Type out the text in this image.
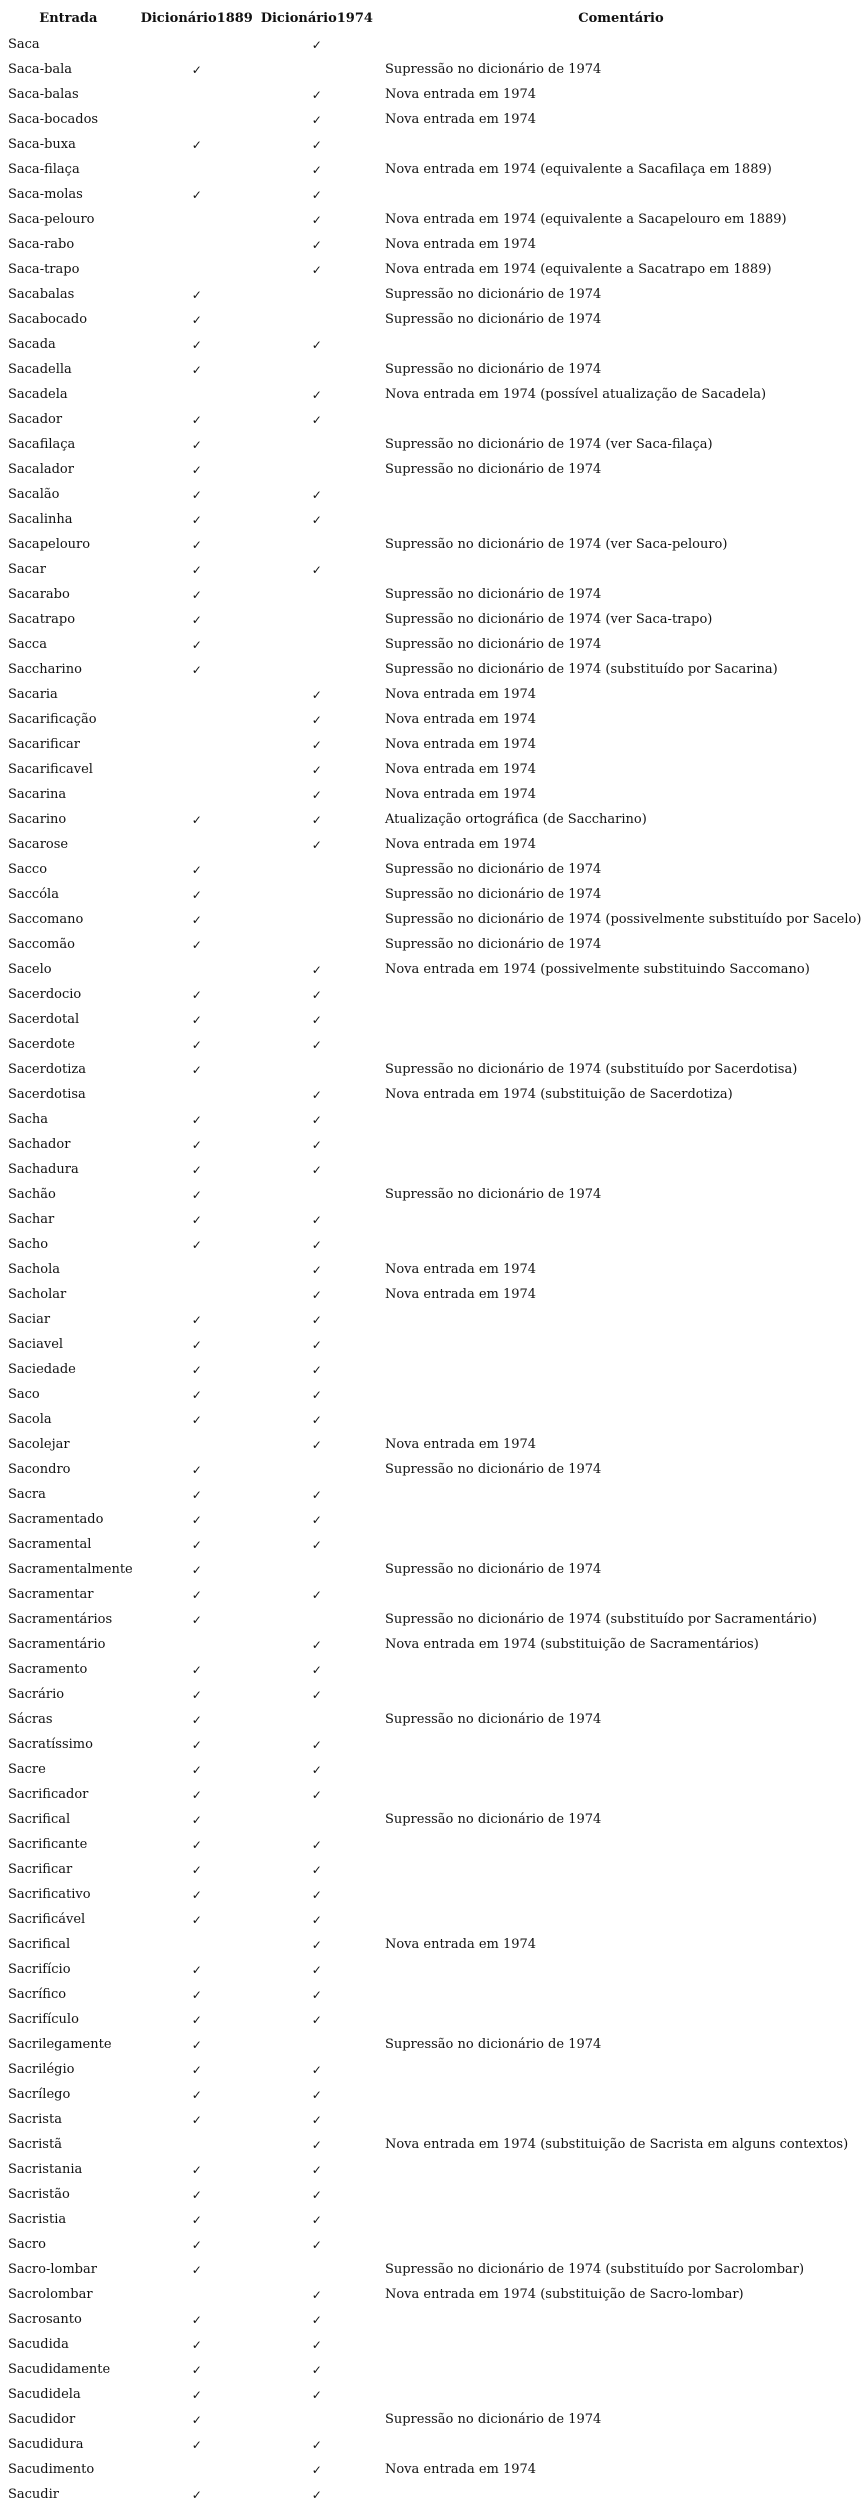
Entrada	Dicionário1889	Dicionário1974	Comentário
Saca		✓	
Saca-bala	✓		Supressão no dicionário de 1974
Saca-balas		✓	Nova entrada em 1974
Saca-bocados		✓	Nova entrada em 1974
Saca-buxa	✓	✓	
Saca-filaça		✓	Nova entrada em 1974 (equivalente a Sacafilaça em 1889)
Saca-molas	✓	✓	
Saca-pelouro		✓	Nova entrada em 1974 (equivalente a Sacapelouro em 1889)
Saca-rabo		✓	Nova entrada em 1974
Saca-trapo		✓	Nova entrada em 1974 (equivalente a Sacatrapo em 1889)
Sacabalas	✓		Supressão no dicionário de 1974
Sacabocado	✓		Supressão no dicionário de 1974
Sacada	✓	✓	
Sacadella	✓		Supressão no dicionário de 1974
Sacadela		✓	Nova entrada em 1974 (possível atualização de Sacadela)
Sacador	✓	✓	
Sacafilaça	✓		Supressão no dicionário de 1974 (ver Saca-filaça)
Sacalador	✓		Supressão no dicionário de 1974
Sacalão	✓	✓	
Sacalinha	✓	✓	
Sacapelouro	✓		Supressão no dicionário de 1974 (ver Saca-pelouro)
Sacar	✓	✓	
Sacarabo	✓		Supressão no dicionário de 1974
Sacatrapo	✓		Supressão no dicionário de 1974 (ver Saca-trapo)
Sacca	✓		Supressão no dicionário de 1974
Saccharino	✓		Supressão no dicionário de 1974 (substituído por Sacarina)
Sacaria		✓	Nova entrada em 1974
Sacarificação		✓	Nova entrada em 1974
Sacarificar		✓	Nova entrada em 1974
Sacarificavel		✓	Nova entrada em 1974
Sacarina		✓	Nova entrada em 1974
Sacarino	✓	✓	Atualização ortográfica (de Saccharino)
Sacarose		✓	Nova entrada em 1974
Sacco	✓		Supressão no dicionário de 1974
Saccóla	✓		Supressão no dicionário de 1974
Saccomano	✓		Supressão no dicionário de 1974 (possivelmente substituído por Sacelo)
Saccomão	✓		Supressão no dicionário de 1974
Sacelo		✓	Nova entrada em 1974 (possivelmente substituindo Saccomano)
Sacerdocio	✓	✓	
Sacerdotal	✓	✓	
Sacerdote	✓	✓	
Sacerdotiza	✓		Supressão no dicionário de 1974 (substituído por Sacerdotisa)
Sacerdotisa		✓	Nova entrada em 1974 (substituição de Sacerdotiza)
Sacha	✓	✓	
Sachador	✓	✓	
Sachadura	✓	✓	
Sachão	✓		Supressão no dicionário de 1974
Sachar	✓	✓	
Sacho	✓	✓	
Sachola		✓	Nova entrada em 1974
Sacholar		✓	Nova entrada em 1974
Saciar	✓	✓	
Saciavel	✓	✓	
Saciedade	✓	✓	
Saco	✓	✓	
Sacola	✓	✓	
Sacolejar		✓	Nova entrada em 1974
Sacondro	✓		Supressão no dicionário de 1974
Sacra	✓	✓	
Sacramentado	✓	✓	
Sacramental	✓	✓	
Sacramentalmente	✓		Supressão no dicionário de 1974
Sacramentar	✓	✓	
Sacramentários	✓		Supressão no dicionário de 1974 (substituído por Sacramentário)
Sacramentário		✓	Nova entrada em 1974 (substituição de Sacramentários)
Sacramento	✓	✓	
Sacrário	✓	✓	
Sácras	✓		Supressão no dicionário de 1974
Sacratíssimo	✓	✓	
Sacre	✓	✓	
Sacrificador	✓	✓	
Sacrifical	✓		Supressão no dicionário de 1974
Sacrificante	✓	✓	
Sacrificar	✓	✓	
Sacrificativo	✓	✓	
Sacrificável	✓	✓	
Sacrifical		✓	Nova entrada em 1974
Sacrifício	✓	✓	
Sacrífico	✓	✓	
Sacrifículo	✓	✓	
Sacrilegamente	✓		Supressão no dicionário de 1974
Sacrilégio	✓	✓	
Sacrílego	✓	✓	
Sacrista	✓	✓	
Sacristã		✓	Nova entrada em 1974 (substituição de Sacrista em alguns contextos)
Sacristania	✓	✓	
Sacristão	✓	✓	
Sacristia	✓	✓	
Sacro	✓	✓	
Sacro-lombar	✓		Supressão no dicionário de 1974 (substituído por Sacrolombar)
Sacrolombar		✓	Nova entrada em 1974 (substituição de Sacro-lombar)
Sacrosanto	✓	✓	
Sacudida	✓	✓	
Sacudidamente	✓	✓	
Sacudidela	✓	✓	
Sacudidor	✓		Supressão no dicionário de 1974
Sacudidura	✓	✓	
Sacudimento		✓	Nova entrada em 1974
Sacudir	✓	✓	
